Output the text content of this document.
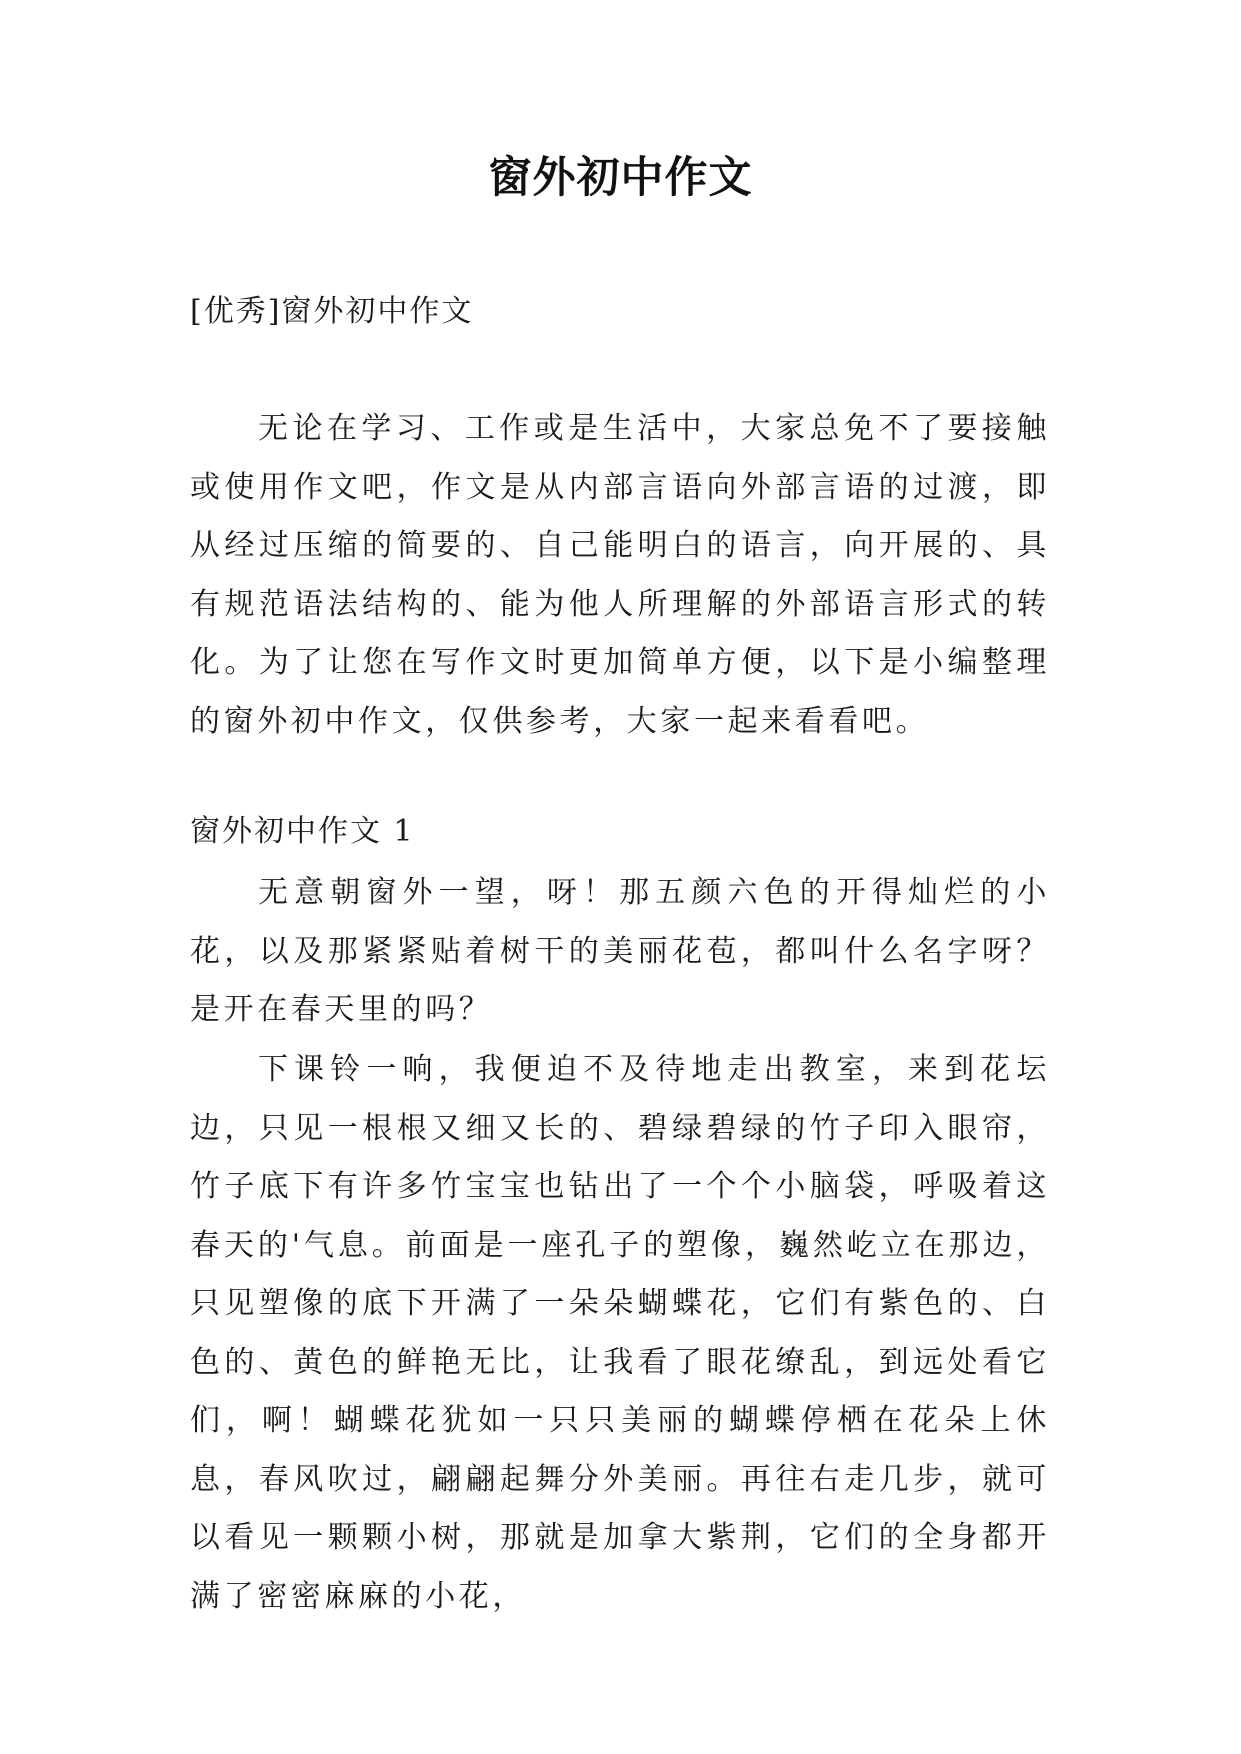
窗外初中作文
[优秀]窗外初中作文

无论在学习、工作或是生活中，大家总免不了要接触或使用作文吧，作文是从内部言语向外部言语的过渡，即从经过压缩的简要的、自己能明白的语言，向开展的、具有规范语法结构的、能为他人所理解的外部语言形式的转化。为了让您在写作文时更加简单方便，以下是小编整理的窗外初中作文，仅供参考，大家一起来看看吧。

窗外初中作文 1

无意朝窗外一望，呀！那五颜六色的开得灿烂的小花，以及那紧紧贴着树干的美丽花苞，都叫什么名字呀？是开在春天里的吗？

下课铃一响，我便迫不及待地走出教室，来到花坛边，只见一根根又细又长的、碧绿碧绿的竹子印入眼帘，竹子底下有许多竹宝宝也钻出了一个个小脑袋，呼吸着这春天的'气息。前面是一座孔子的塑像，巍然屹立在那边，只见塑像的底下开满了一朵朵蝴蝶花，它们有紫色的、白色的、黄色的鲜艳无比，让我看了眼花缭乱，到远处看它们，啊！蝴蝶花犹如一只只美丽的蝴蝶停栖在花朵上休息，春风吹过，翩翩起舞分外美丽。再往右走几步，就可以看见一颗颗小树，那就是加拿大紫荆，它们的全身都开满了密密麻麻的小花，
